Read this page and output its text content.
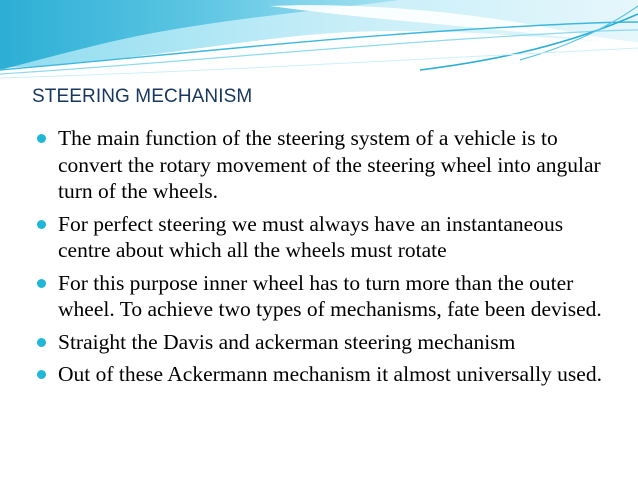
STEERING MECHANISM
The main function of the steering system of a vehicle is to convert the rotary movement of the steering wheel into angular turn of the wheels.
For perfect steering we must always have an instantaneous centre about which all the wheels must rotate
For this purpose inner wheel has to turn more than the outer wheel. To achieve two types of mechanisms, fate been devised.
Straight the Davis and ackerman steering mechanism
Out of these Ackermann mechanism it almost universally used.
